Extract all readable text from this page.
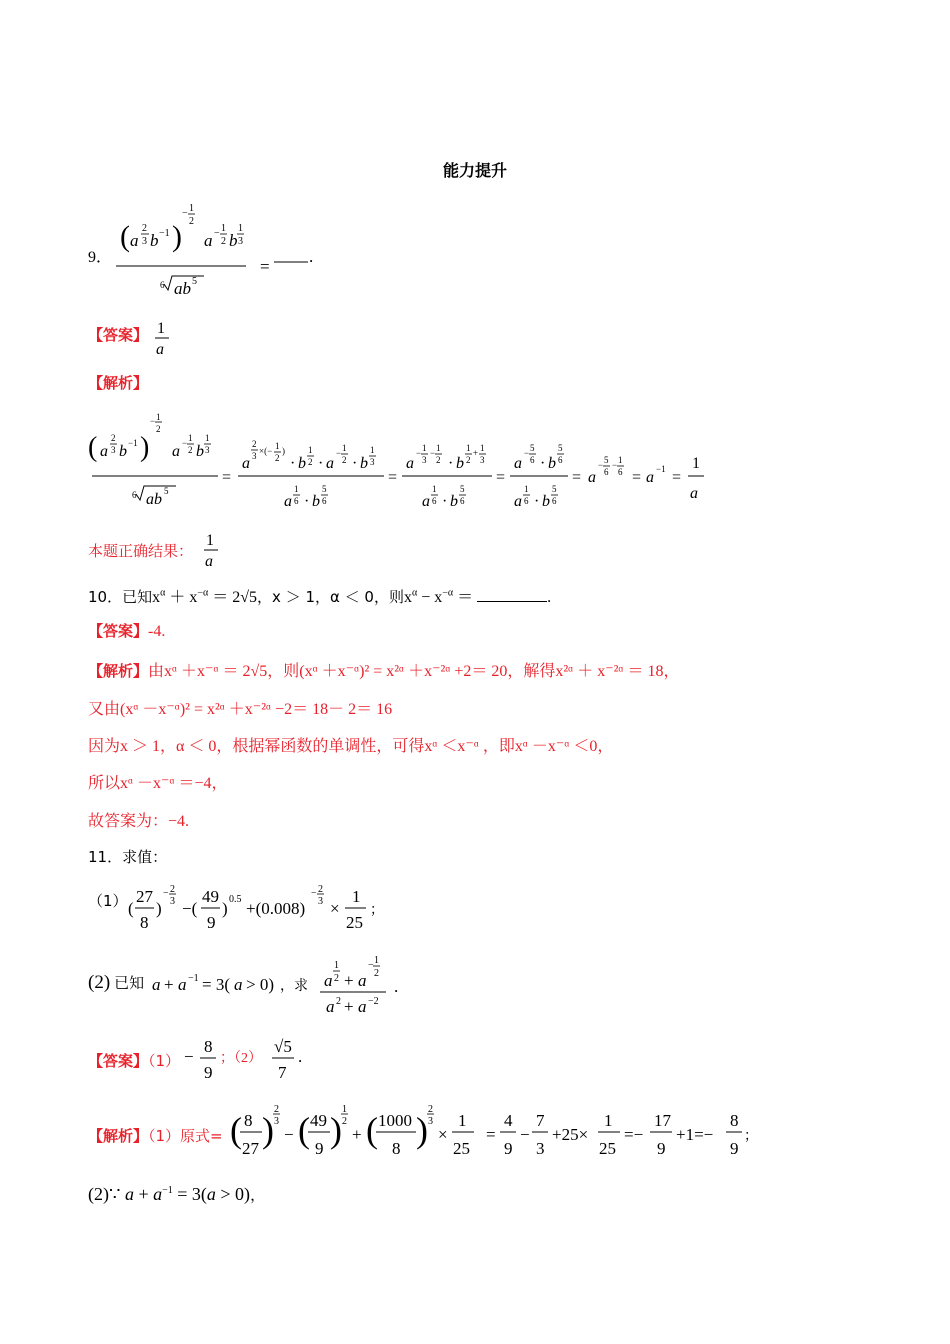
能力提升
9．
( a
2
3 b −1 )
− 1
2
a − 1
2 b
1
3
6 ab 5
=
.
【答案】 1
a
【解析】
( a
2
3 b −1 )
− 1
2
a − 1
2 b
1
3
6 ab 5
=
a
2
3 ×(− 1
2
)
· b
1
2 · a
− 1
2 · b
1
3
a
1
6 · b
5
6
=
a
− 1
3
− 1
2 · b
1
2
+ 1
3
a
1
6 · b
5
6
=
a
− 5
6 · b
5
6
a
1
6 · b
5
6
= a
− 5
6
− 1
6 = a −1 =
1
a
本题正确结果：
1
a
10．已知$x^\alpha + x^{-\alpha} = 2√5$，x ＞ 1，α ＜ 0，则$x^\alpha - x^{-\alpha}$ ＝	.
【答案】-4.
【解析】由xᵅ ＋x⁻ᵅ ＝ 2√5，则(xᵅ ＋x⁻ᵅ)² = x²ᵅ ＋x⁻²ᵅ +2＝ 20，解得x²ᵅ ＋ x⁻²ᵅ ＝ 18，
又由(xᵅ －x⁻ᵅ)² = x²ᵅ ＋x⁻²ᵅ −2＝ 18－ 2＝ 16
因为x ＞ 1，α ＜ 0，根据幂函数的单调性，可得xᵅ ＜x⁻ᵅ ，即xᵅ －x⁻ᵅ ＜0，
所以xᵅ －x⁻ᵅ ＝−4，
故答案为：−4.
11．求值：
（1） (
27
8
)
− 2
3 −(
49
9
) 0.5 +(0.008)
− 2
3 ×
1
25
；
(2) 已知 a + a −1 = 3( a > 0) ，求 a
1
2 + a
− 1
2
a 2 + a −2
.
【答案】（1） −
8
9
；（2）
√5
7
.
【解析】（1）原式= ( 8
27 )
2
3
− ( 49
9 )
1
2
+ ( 1000
8 )
2
3
×
1
25
=
4
9
−
7
3
+25×
1
25
=−
17
9
+1=−
8
9
；
(2)∵ $a + a^{-1} = 3(a > 0)$，
